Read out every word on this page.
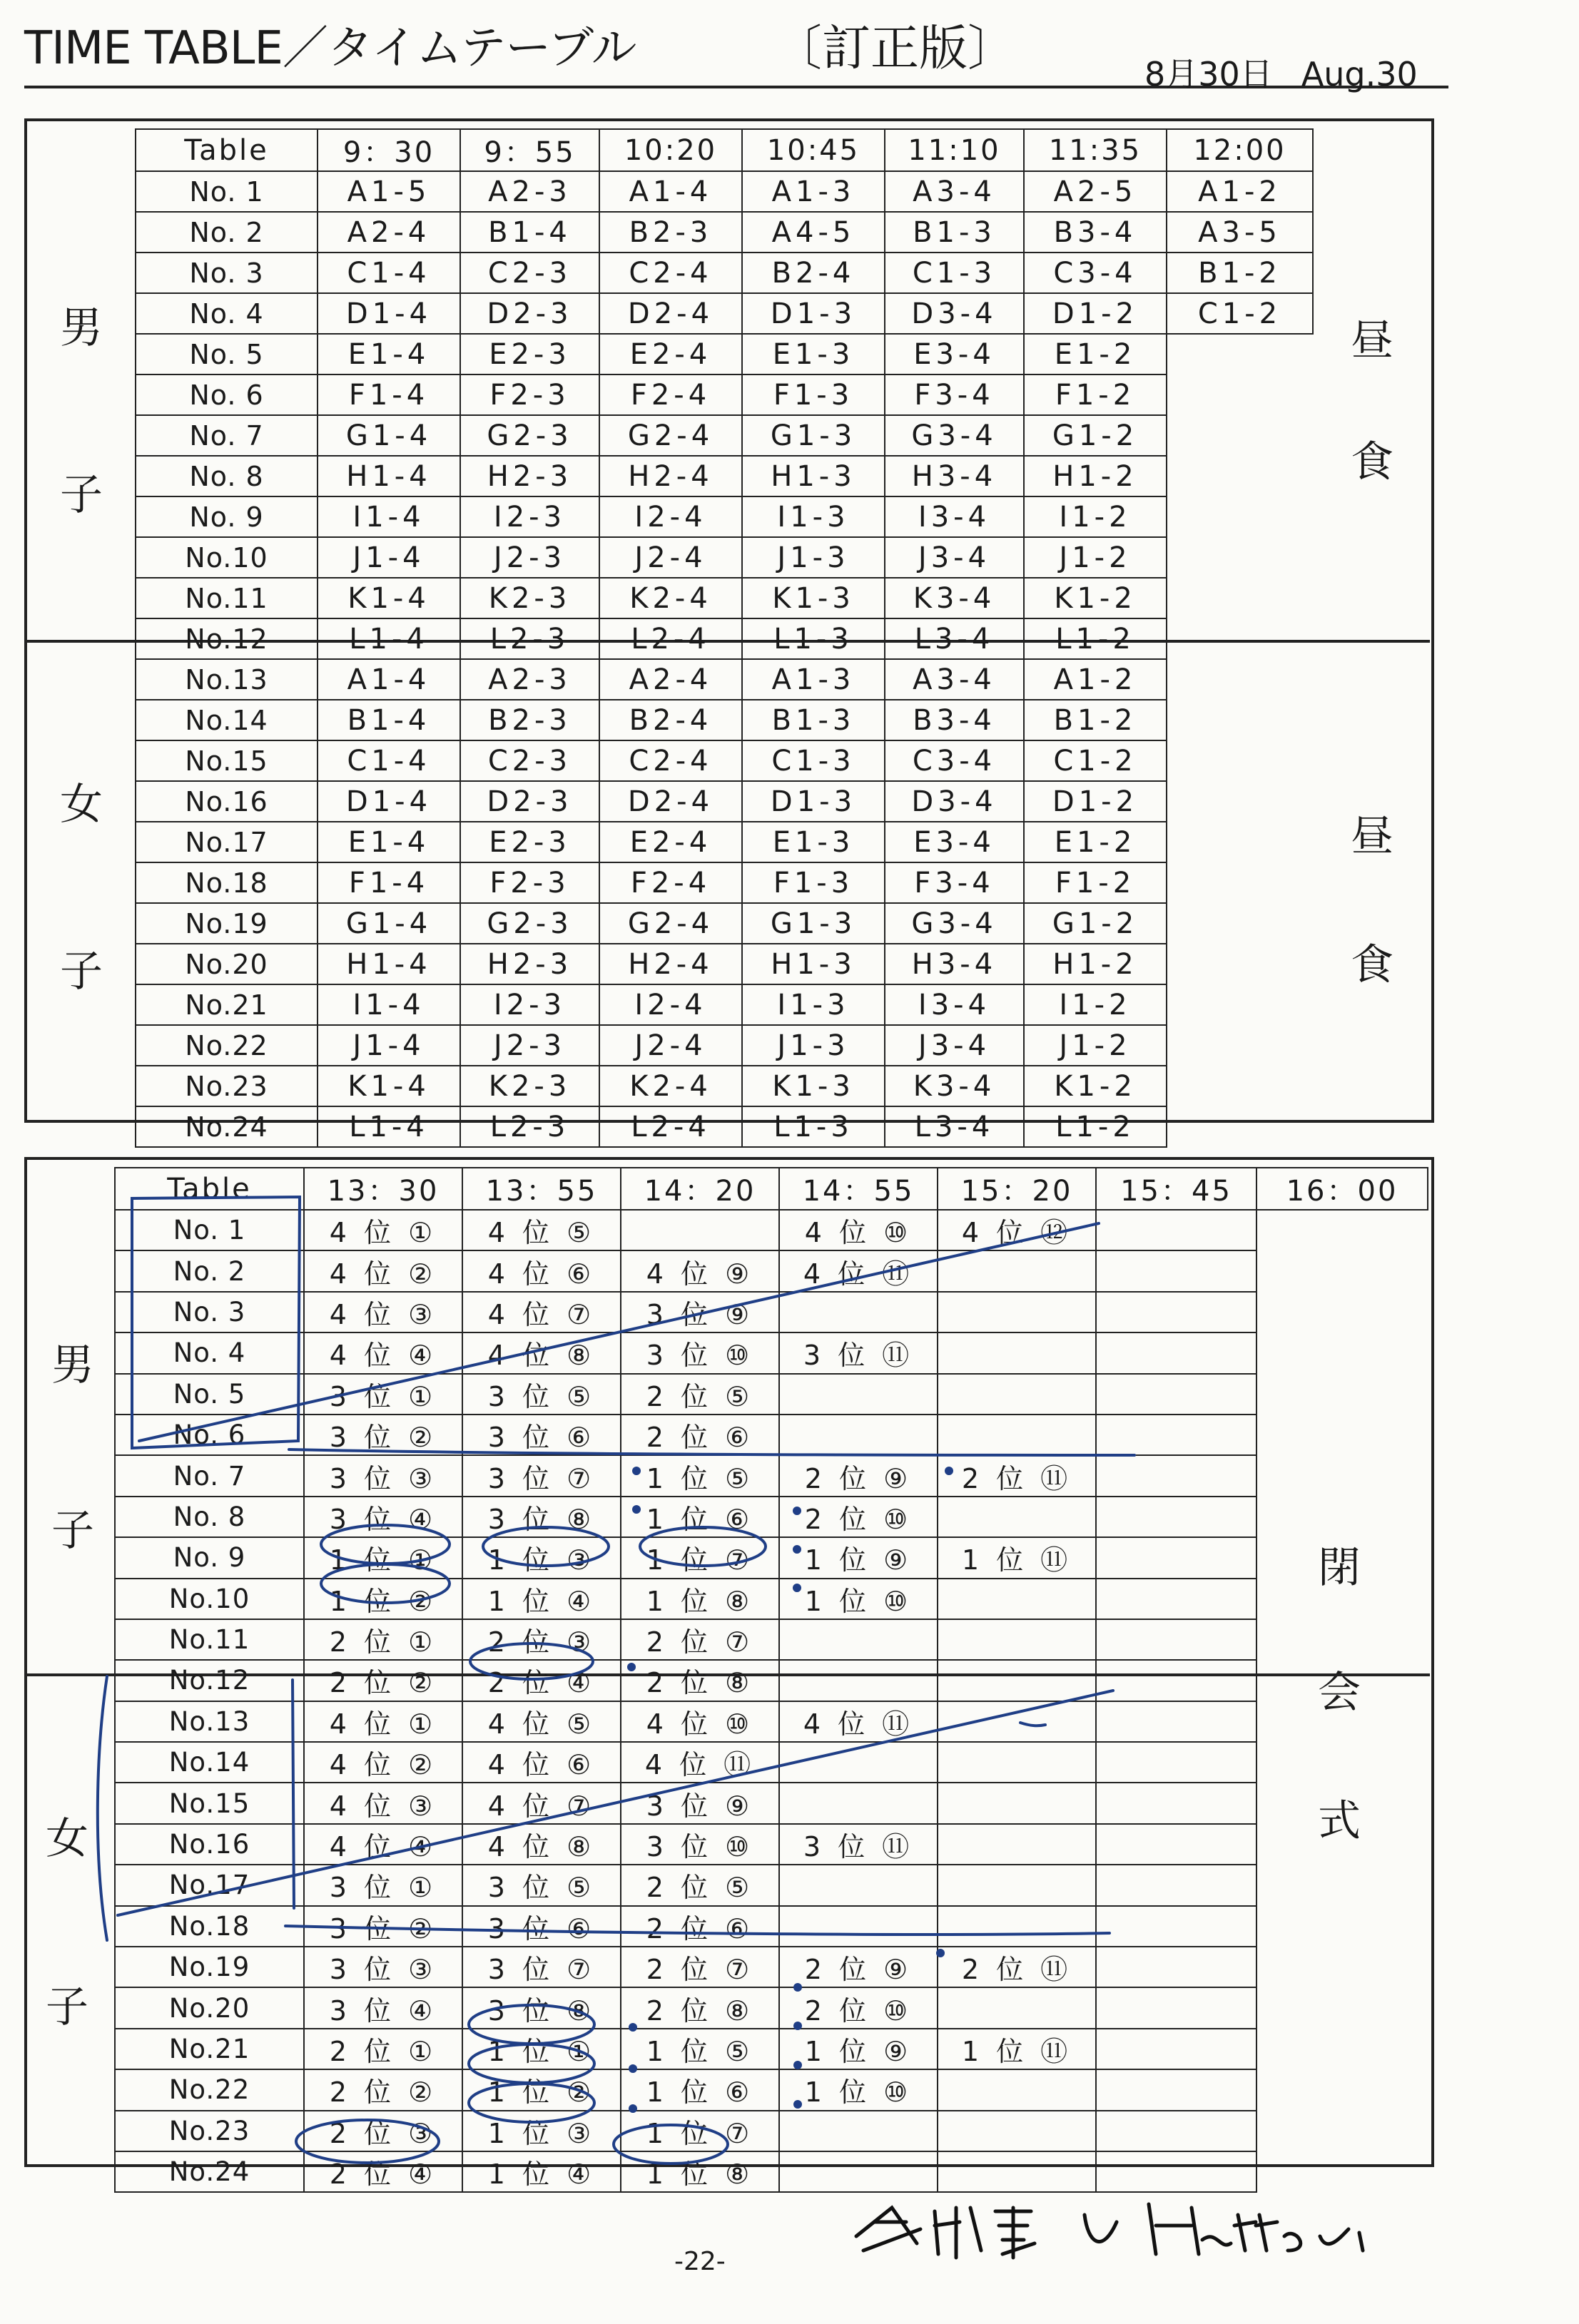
TIME TABLE／タイムテーブル	〔訂正版〕	8月30日 Aug.30
男
子
女
子
昼
食
昼
食
Table	9：30	9：55	10:20	10:45	11:10	11:35	12:00
No. 1	A1-5	A2-3	A1-4	A1-3	A3-4	A2-5	A1-2
No. 2	A2-4	B1-4	B2-3	A4-5	B1-3	B3-4	A3-5
No. 3	C1-4	C2-3	C2-4	B2-4	C1-3	C3-4	B1-2
No. 4	D1-4	D2-3	D2-4	D1-3	D3-4	D1-2	C1-2
No. 5	E1-4	E2-3	E2-4	E1-3	E3-4	E1-2	
No. 6	F1-4	F2-3	F2-4	F1-3	F3-4	F1-2	
No. 7	G1-4	G2-3	G2-4	G1-3	G3-4	G1-2	
No. 8	H1-4	H2-3	H2-4	H1-3	H3-4	H1-2	
No. 9	I1-4	I2-3	I2-4	I1-3	I3-4	I1-2	
No.10	J1-4	J2-3	J2-4	J1-3	J3-4	J1-2	
No.11	K1-4	K2-3	K2-4	K1-3	K3-4	K1-2	
No.12	L1-4	L2-3	L2-4	L1-3	L3-4	L1-2	
No.13	A1-4	A2-3	A2-4	A1-3	A3-4	A1-2	
No.14	B1-4	B2-3	B2-4	B1-3	B3-4	B1-2	
No.15	C1-4	C2-3	C2-4	C1-3	C3-4	C1-2	
No.16	D1-4	D2-3	D2-4	D1-3	D3-4	D1-2	
No.17	E1-4	E2-3	E2-4	E1-3	E3-4	E1-2	
No.18	F1-4	F2-3	F2-4	F1-3	F3-4	F1-2	
No.19	G1-4	G2-3	G2-4	G1-3	G3-4	G1-2	
No.20	H1-4	H2-3	H2-4	H1-3	H3-4	H1-2	
No.21	I1-4	I2-3	I2-4	I1-3	I3-4	I1-2	
No.22	J1-4	J2-3	J2-4	J1-3	J3-4	J1-2	
No.23	K1-4	K2-3	K2-4	K1-3	K3-4	K1-2	
No.24	L1-4	L2-3	L2-4	L1-3	L3-4	L1-2	
男
子
女
子
閉
会
式
Table	13：30	13：55	14：20	14：55	15：20	15：45	16：00
No. 1	4 位 ①	4 位 ⑤		4 位 ⑩	4 位 ⑫		
No. 2	4 位 ②	4 位 ⑥	4 位 ⑨	4 位 ⑪			
No. 3	4 位 ③	4 位 ⑦	3 位 ⑨				
No. 4	4 位 ④	4 位 ⑧	3 位 ⑩	3 位 ⑪			
No. 5	3 位 ①	3 位 ⑤	2 位 ⑤				
No. 6	3 位 ②	3 位 ⑥	2 位 ⑥				
No. 7	3 位 ③	3 位 ⑦	1 位 ⑤	2 位 ⑨	2 位 ⑪		
No. 8	3 位 ④	3 位 ⑧	1 位 ⑥	2 位 ⑩			
No. 9	1 位 ①	1 位 ③	1 位 ⑦	1 位 ⑨	1 位 ⑪		
No.10	1 位 ②	1 位 ④	1 位 ⑧	1 位 ⑩			
No.11	2 位 ①	2 位 ③	2 位 ⑦				
No.12	2 位 ②	2 位 ④	2 位 ⑧				
No.13	4 位 ①	4 位 ⑤	4 位 ⑩	4 位 ⑪			
No.14	4 位 ②	4 位 ⑥	4 位 ⑪				
No.15	4 位 ③	4 位 ⑦	3 位 ⑨				
No.16	4 位 ④	4 位 ⑧	3 位 ⑩	3 位 ⑪			
No.17	3 位 ①	3 位 ⑤	2 位 ⑤				
No.18	3 位 ②	3 位 ⑥	2 位 ⑥				
No.19	3 位 ③	3 位 ⑦	2 位 ⑦	2 位 ⑨	2 位 ⑪		
No.20	3 位 ④	3 位 ⑧	2 位 ⑧	2 位 ⑩			
No.21	2 位 ①	1 位 ①	1 位 ⑤	1 位 ⑨	1 位 ⑪		
No.22	2 位 ②	1 位 ②	1 位 ⑥	1 位 ⑩			
No.23	2 位 ③	1 位 ③	1 位 ⑦				
No.24	2 位 ④	1 位 ④	1 位 ⑧				
-22-
